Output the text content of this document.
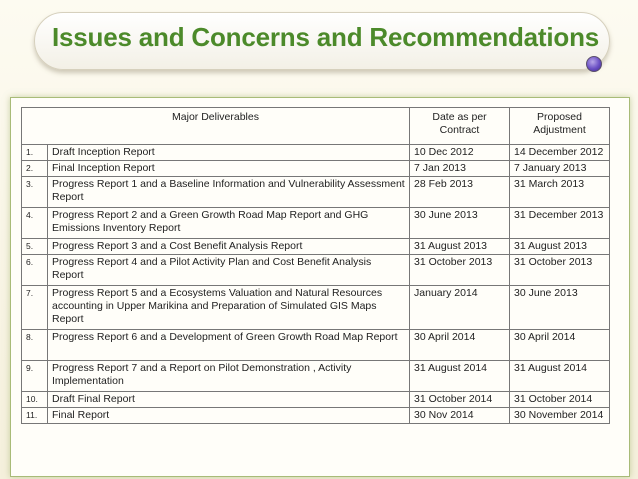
Issues and Concerns and Recommendations
Major Deliverables		Date as per Contract	Proposed Adjustment
1.	Draft Inception Report	10 Dec 2012	14 December 2012
2.	Final Inception Report	7 Jan 2013	7 January 2013
3.	Progress Report 1 and a Baseline Information and Vulnerability Assessment Report	28 Feb 2013	31 March 2013
4.	Progress Report 2 and a Green Growth Road Map Report and GHG Emissions Inventory Report	30 June 2013	31 December 2013
5.	Progress Report 3 and a Cost Benefit Analysis Report	31 August 2013	31 August 2013
6.	Progress Report 4 and a Pilot Activity Plan and Cost Benefit Analysis Report	31 October 2013	31 October 2013
7.	Progress Report 5 and a Ecosystems Valuation and Natural Resources accounting in Upper Marikina and Preparation of Simulated GIS Maps Report	January 2014	30 June 2013
8.	Progress Report 6 and a Development of Green Growth Road Map Report	30 April 2014	30 April 2014
9.	Progress Report 7 and a Report on Pilot Demonstration , Activity Implementation	31 August 2014	31 August 2014
10.	Draft Final Report	31 October 2014	31 October 2014
11.	Final Report	30 Nov 2014	30 November 2014
